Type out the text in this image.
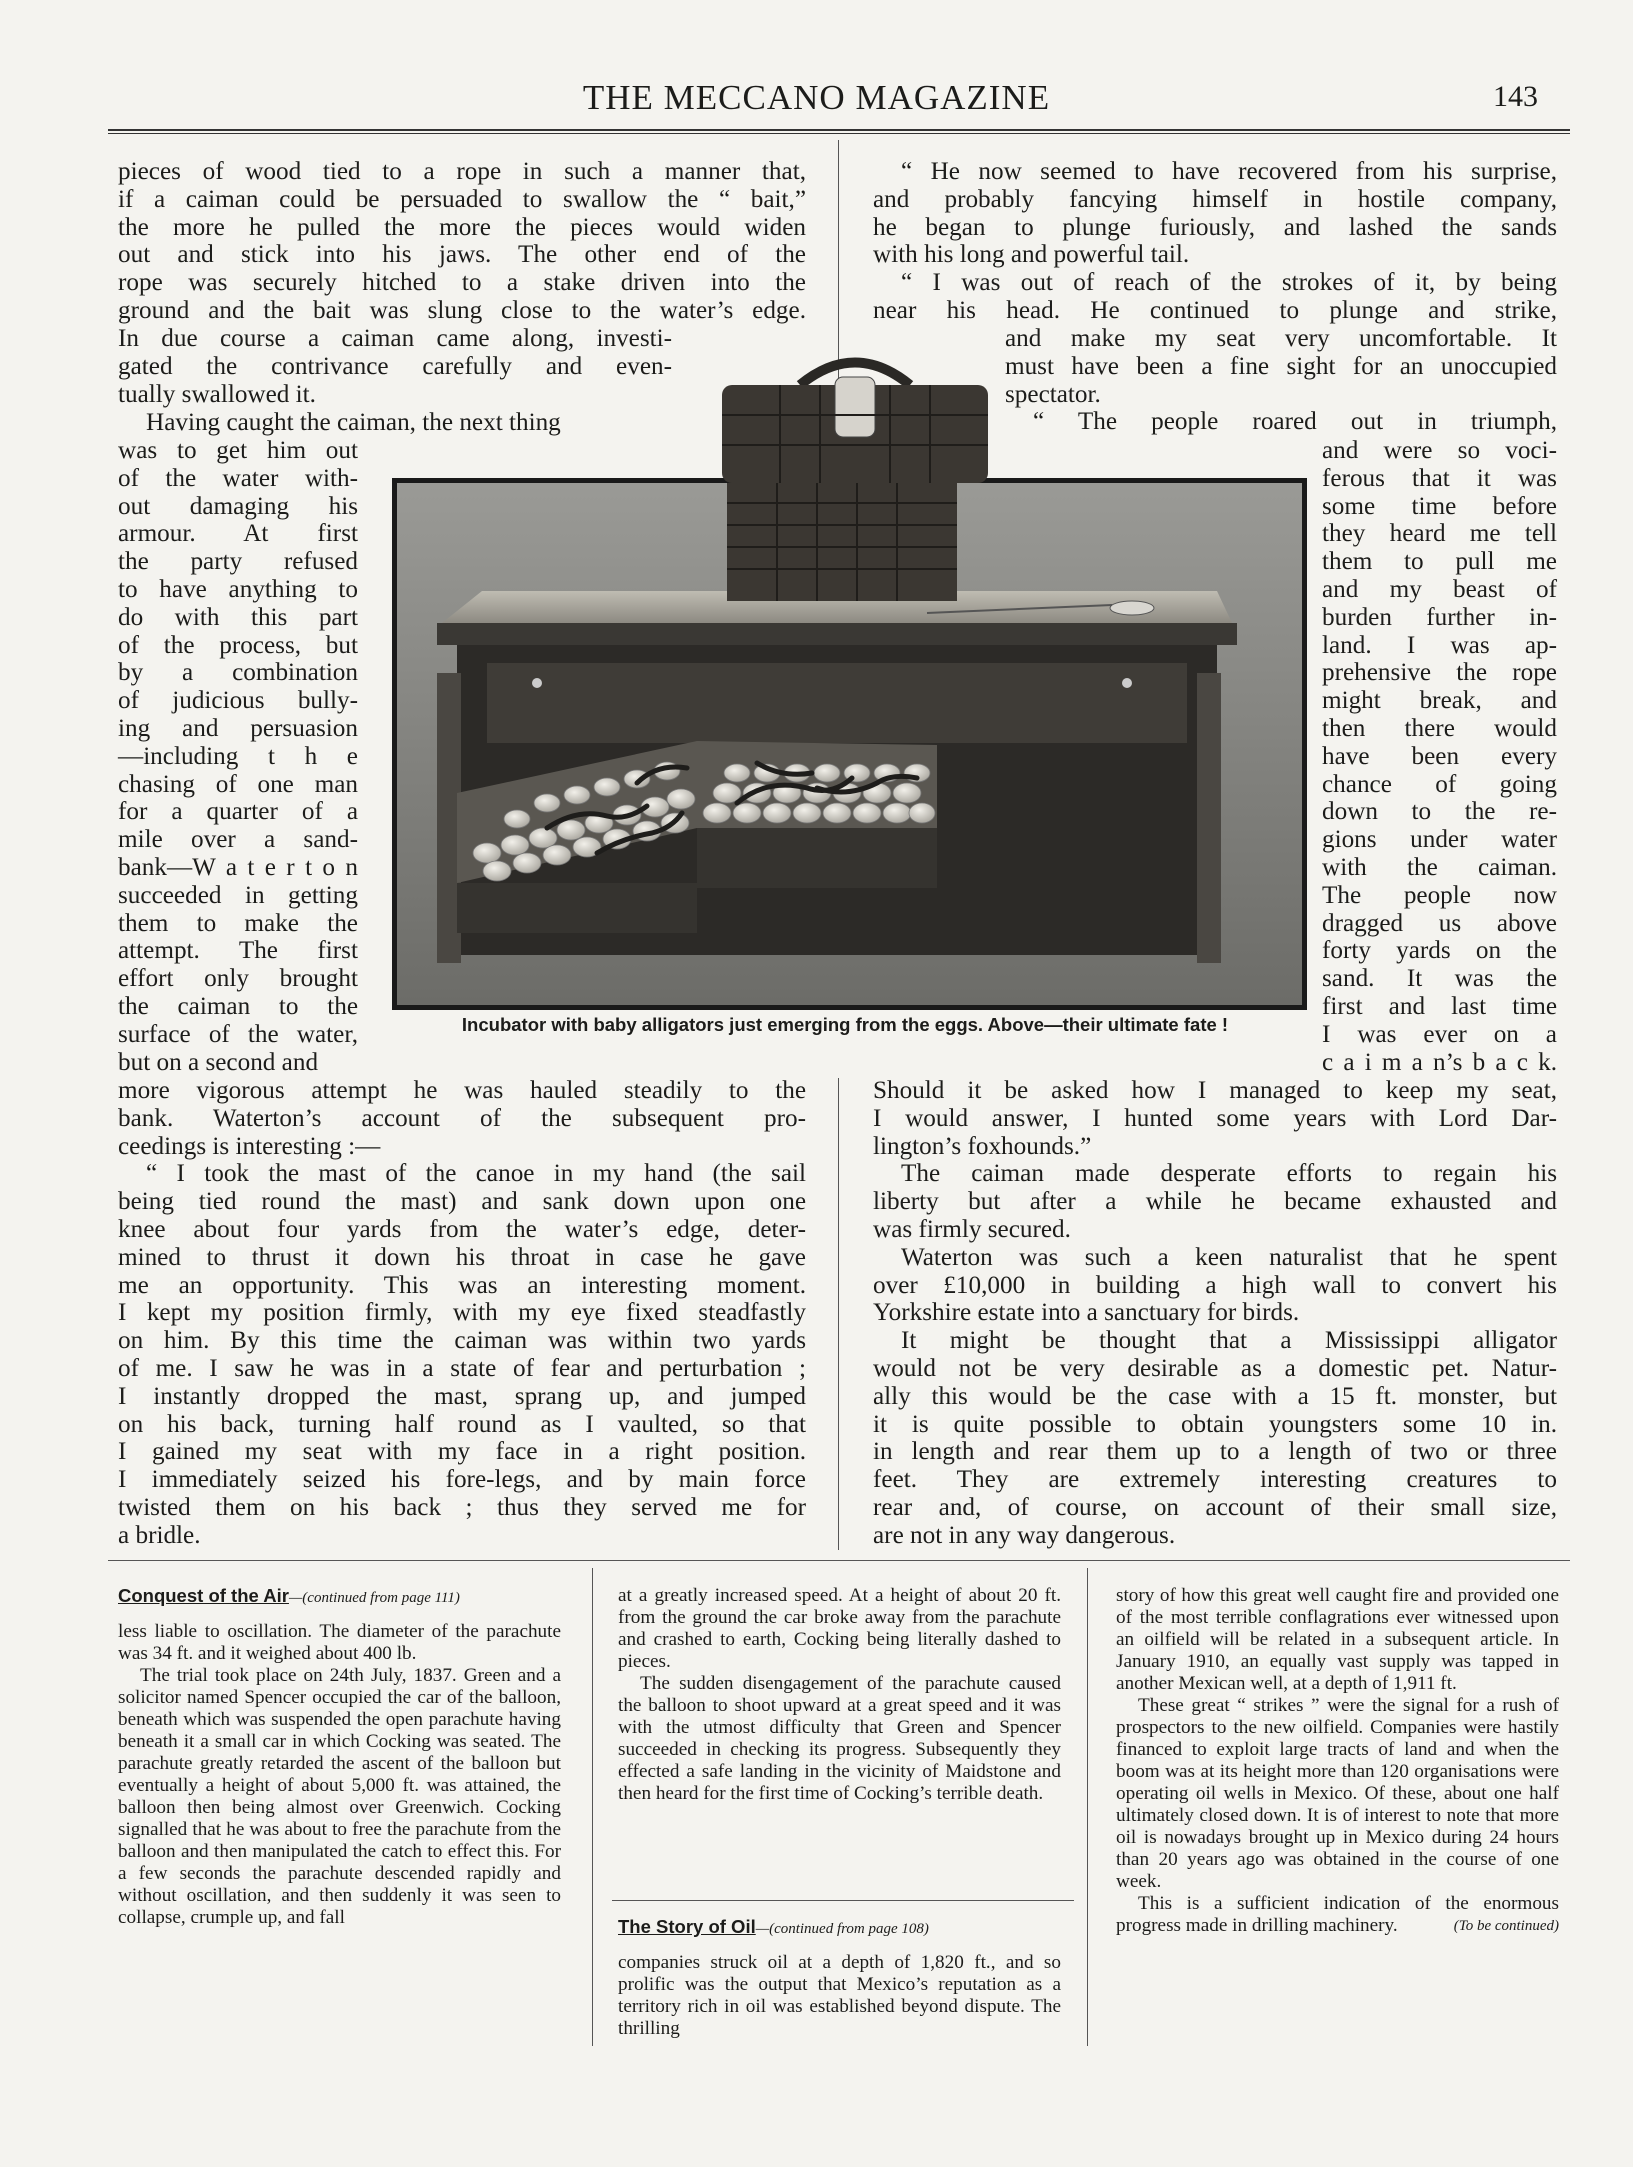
THE MECCANO MAGAZINE	143
pieces of wood tied to a rope in such a manner that,
if a caiman could be persuaded to swallow the “ bait,”
the more he pulled the more the pieces would widen
out and stick into his jaws. The other end of the
rope was securely hitched to a stake driven into the
ground and the bait was slung close to the water’s edge.
In due course a caiman came along, investi-
gated the contrivance carefully and even-
tually swallowed it.
Having caught the caiman, the next thing
was to get him out
of the water with-
out damaging his
armour. At first
the party refused
to have anything to
do with this part
of the process, but
by a combination
of judicious bully-
ing and persuasion
—including t h e
chasing of one man
for a quarter of a
mile over a sand-
bank—W a t e r t o n
succeeded in getting
them to make the
attempt. The first
effort only brought
the caiman to the
surface of the water,
but on a second and
more vigorous attempt he was hauled steadily to the
bank. Waterton’s account of the subsequent pro-
ceedings is interesting :—
“ I took the mast of the canoe in my hand (the sail
being tied round the mast) and sank down upon one
knee about four yards from the water’s edge, deter-
mined to thrust it down his throat in case he gave
me an opportunity. This was an interesting moment.
I kept my position firmly, with my eye fixed steadfastly
on him. By this time the caiman was within two yards
of me. I saw he was in a state of fear and perturbation ;
I instantly dropped the mast, sprang up, and jumped
on his back, turning half round as I vaulted, so that
I gained my seat with my face in a right position.
I immediately seized his fore-legs, and by main force
twisted them on his back ; thus they served me for
a bridle.
“ He now seemed to have recovered from his surprise,
and probably fancying himself in hostile company,
he began to plunge furiously, and lashed the sands
with his long and powerful tail.
“ I was out of reach of the strokes of it, by being
near his head. He continued to plunge and strike,
and make my seat very uncomfortable. It
must have been a fine sight for an unoccupied
spectator.
“ The people roared out in triumph,
and were so voci-
ferous that it was
some time before
they heard me tell
them to pull me
and my beast of
burden further in-
land. I was ap-
prehensive the rope
might break, and
then there would
have been every
chance of going
down to the re-
gions under water
with the caiman.
The people now
dragged us above
forty yards on the
sand. It was the
first and last time
I was ever on a
c a i m a n’s b a c k.
Should it be asked how I managed to keep my seat,
I would answer, I hunted some years with Lord Dar-
lington’s foxhounds.”
The caiman made desperate efforts to regain his
liberty but after a while he became exhausted and
was firmly secured.
Waterton was such a keen naturalist that he spent
over £10,000 in building a high wall to convert his
Yorkshire estate into a sanctuary for birds.
It might be thought that a Mississippi alligator
would not be very desirable as a domestic pet. Natur-
ally this would be the case with a 15 ft. monster, but
it is quite possible to obtain youngsters some 10 in.
in length and rear them up to a length of two or three
feet. They are extremely interesting creatures to
rear and, of course, on account of their small size,
are not in any way dangerous.
Incubator with baby alligators just emerging from the eggs. Above—their ultimate fate !
Conquest of the Air—(continued from page 111)

less liable to oscillation. The diameter of the parachute was 34 ft. and it weighed about 400 lb.

The trial took place on 24th July, 1837. Green and a solicitor named Spencer occupied the car of the balloon, beneath which was suspended the open parachute having beneath it a small car in which Cocking was seated. The parachute greatly retarded the ascent of the balloon but eventually a height of about 5,000 ft. was attained, the balloon then being almost over Greenwich. Cocking signalled that he was about to free the parachute from the balloon and then manipulated the catch to effect this. For a few seconds the parachute descended rapidly and without oscillation, and then suddenly it was seen to collapse, crumple up, and fall

at a greatly increased speed. At a height of about 20 ft. from the ground the car broke away from the parachute and crashed to earth, Cocking being literally dashed to pieces.

The sudden disengagement of the parachute caused the balloon to shoot upward at a great speed and it was with the utmost difficulty that Green and Spencer succeeded in checking its progress. Subsequently they effected a safe landing in the vicinity of Maidstone and then heard for the first time of Cocking’s terrible death.

The Story of Oil—(continued from page 108)

companies struck oil at a depth of 1,820 ft., and so prolific was the output that Mexico’s reputation as a territory rich in oil was established beyond dispute. The thrilling

story of how this great well caught fire and provided one of the most terrible conflagrations ever witnessed upon an oilfield will be related in a subsequent article. In January 1910, an equally vast supply was tapped in another Mexican well, at a depth of 1,911 ft.

These great “ strikes ” were the signal for a rush of prospectors to the new oilfield. Companies were hastily financed to exploit large tracts of land and when the boom was at its height more than 120 organisations were operating oil wells in Mexico. Of these, about one half ultimately closed down. It is of interest to note that more oil is nowadays brought up in Mexico during 24 hours than 20 years ago was obtained in the course of one week.

This is a sufficient indication of the enormous progress made in drilling machinery.	(To be continued)
